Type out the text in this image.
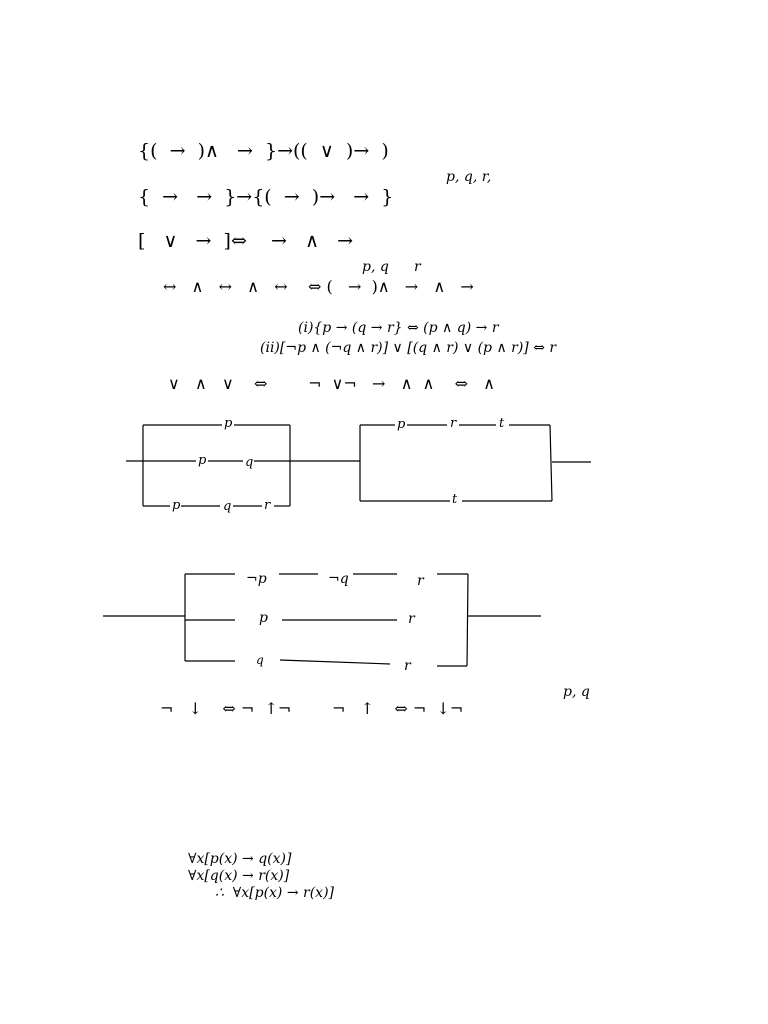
{(  →  )∧   →  }→((  ∨  )→  )
p, q, r,
{  →   →  }→{(  →  )→   →  }
[   ∨   →  ]⇔    →   ∧   →
p, q r
↔   ∧   ↔   ∧   ↔    ⇔ (   →  )∧   →   ∧   →
(i){p → (q → r} ⇔ (p ∧ q) → r
(ii)[¬p ∧ (¬q ∧ r)] ∨ [(q ∧ r) ∨ (p ∧ r)] ⇔ r
∨   ∧   ∨    ⇔        ¬  ∨¬   →   ∧  ∧    ⇔   ∧
p
p	q
p	q	r
p	r	t
t
¬p	¬q	r
p	r
q	r
p, q
¬   ↓    ⇔ ¬  ↑¬        ¬   ↑    ⇔ ¬  ↓¬
∀x[p(x) → q(x)]
∀x[q(x) → r(x)]
∴  ∀x[p(x) → r(x)]
